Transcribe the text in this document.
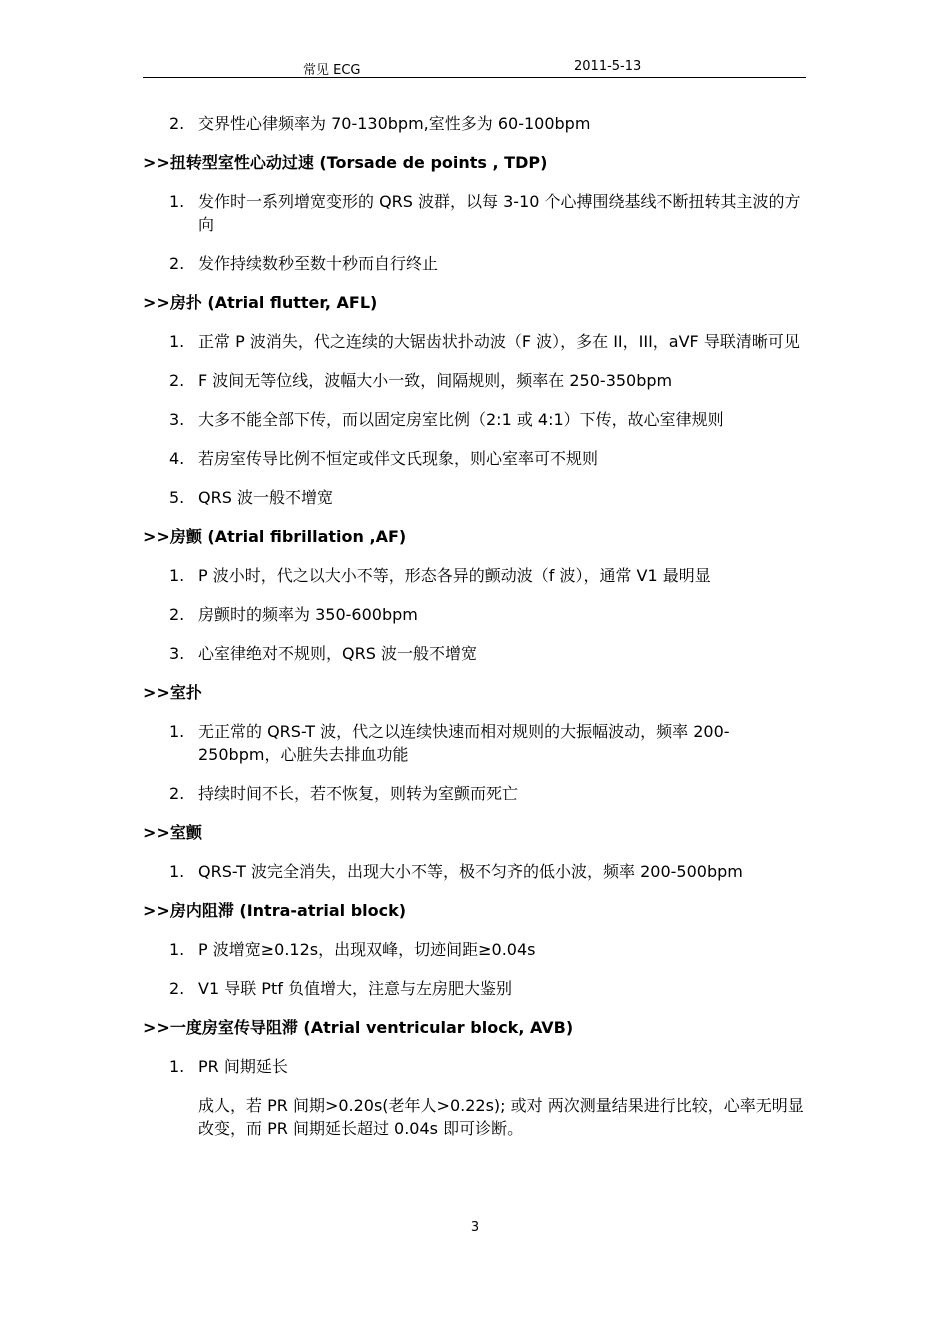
常见 ECG	2011-5-13
2. 交界性心律频率为 70-130bpm,室性多为 60-100bpm
>>扭转型室性心动过速 (Torsade de points , TDP)
1. 发作时一系列增宽变形的 QRS 波群，以每 3-10 个心搏围绕基线不断扭转其主波的方向
2. 发作持续数秒至数十秒而自行终止
>>房扑 (Atrial flutter, AFL)
1. 正常 P 波消失，代之连续的大锯齿状扑动波（F 波），多在 II，III，aVF 导联清晰可见
2. F 波间无等位线，波幅大小一致，间隔规则，频率在 250-350bpm
3. 大多不能全部下传，而以固定房室比例（2:1 或 4:1）下传，故心室律规则
4. 若房室传导比例不恒定或伴文氏现象，则心室率可不规则
5. QRS 波一般不增宽
>>房颤 (Atrial fibrillation ,AF)
1. P 波小时，代之以大小不等，形态各异的颤动波（f 波），通常 V1 最明显
2. 房颤时的频率为 350-600bpm
3. 心室律绝对不规则，QRS 波一般不增宽
>>室扑
1. 无正常的 QRS-T 波，代之以连续快速而相对规则的大振幅波动，频率 200-250bpm，心脏失去排血功能
2. 持续时间不长，若不恢复，则转为室颤而死亡
>>室颤
1. QRS-T 波完全消失，出现大小不等，极不匀齐的低小波，频率 200-500bpm
>>房内阻滞 (Intra-atrial block)
1. P 波增宽≥0.12s，出现双峰，切迹间距≥0.04s
2. V1 导联 Ptf 负值增大，注意与左房肥大鉴别
>>一度房室传导阻滞 (Atrial ventricular block, AVB)
1. PR 间期延长
成人，若 PR 间期>0.20s(老年人>0.22s); 或对 两次测量结果进行比较，心率无明显改变，而 PR 间期延长超过 0.04s 即可诊断。
3
